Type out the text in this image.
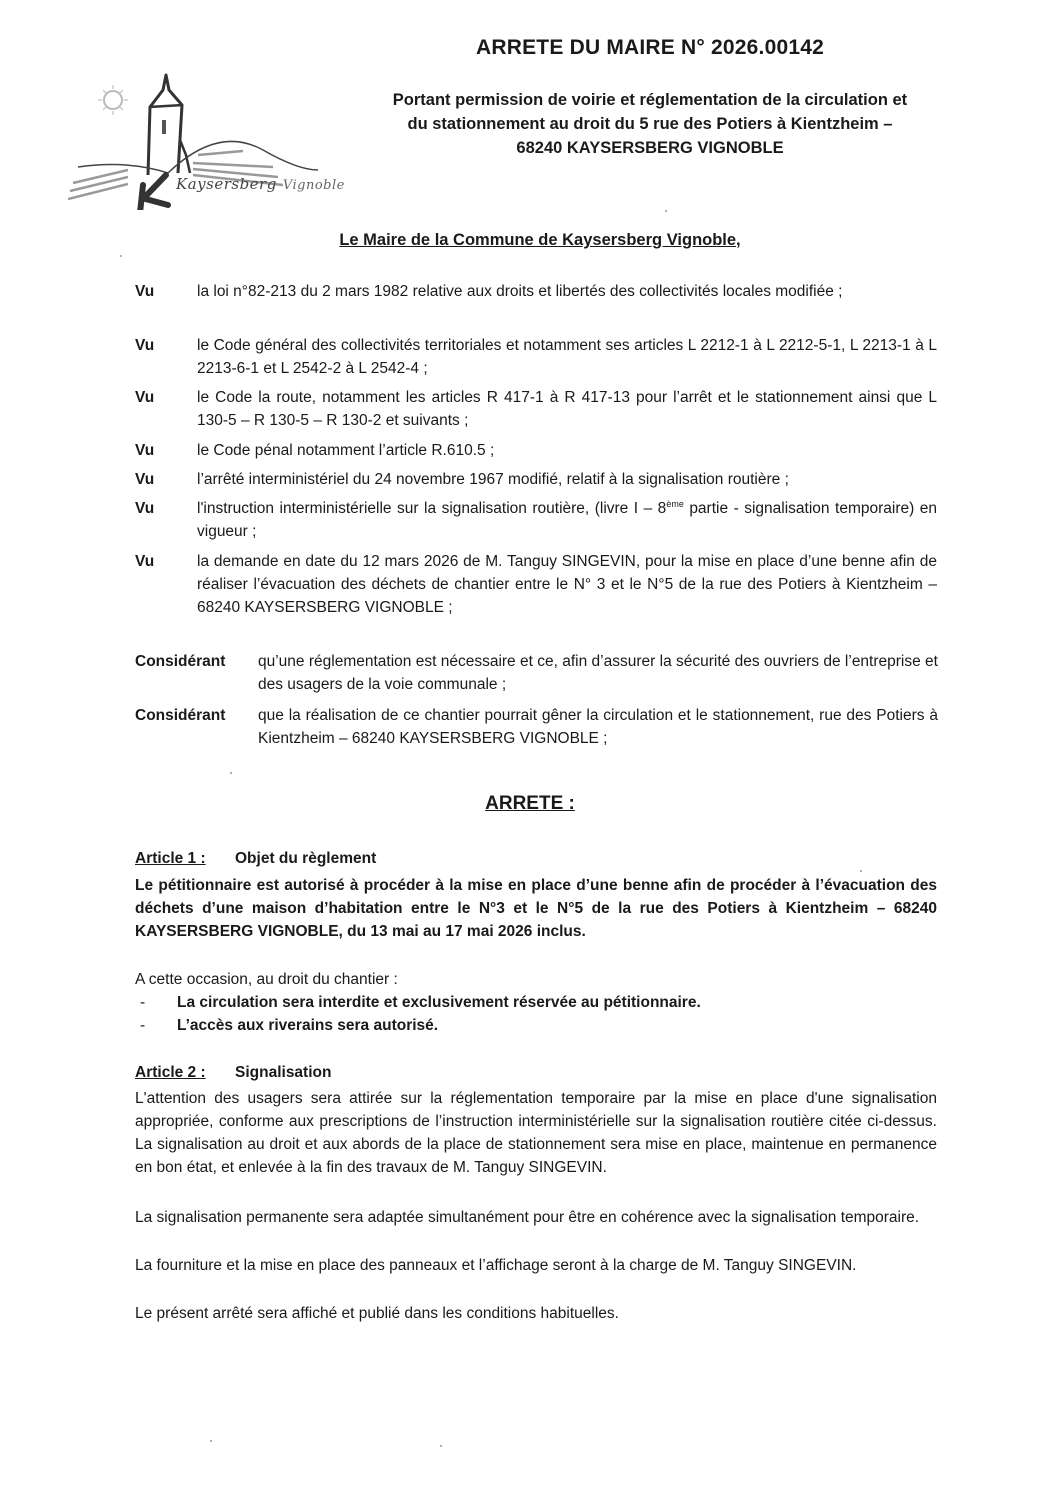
Kaysersberg Vignoble
ARRETE DU MAIRE N° 2026.00142
Portant permission de voirie et réglementation de la circulation et
du stationnement au droit du 5 rue des Potiers à Kientzheim –
68240 KAYSERSBERG VIGNOBLE
Le Maire de la Commune de Kaysersberg Vignoble,
Vu	la loi n°82-213 du 2 mars 1982 relative aux droits et libertés des collectivités locales modifiée ;
Vu	le Code général des collectivités territoriales et notamment ses articles L 2212-1 à L 2212-5-1, L 2213-1 à L 2213-6-1 et L 2542-2 à L 2542-4 ;
Vu	le Code la route, notamment les articles R 417-1 à R 417-13 pour l’arrêt et le stationnement ainsi que L 130-5 – R 130-5 – R 130-2 et suivants ;
Vu	le Code pénal notamment l’article R.610.5 ;
Vu	l’arrêté interministériel du 24 novembre 1967 modifié, relatif à la signalisation routière ;
Vu	l'instruction interministérielle sur la signalisation routière, (livre I – 8ème partie - signalisation temporaire) en vigueur ;
Vu	la demande en date du 12 mars 2026 de M. Tanguy SINGEVIN, pour la mise en place d’une benne afin de réaliser l’évacuation des déchets de chantier entre le N° 3 et le N°5 de la rue des Potiers à Kientzheim – 68240 KAYSERSBERG VIGNOBLE ;
Considérant qu’une réglementation est nécessaire et ce, afin d’assurer la sécurité des ouvriers de l’entreprise et des usagers de la voie communale ;
Considérant que la réalisation de ce chantier pourrait gêner la circulation et le stationnement, rue des Potiers à Kientzheim – 68240 KAYSERSBERG VIGNOBLE ;
ARRETE :
Article 1 : Objet du règlement
Le pétitionnaire est autorisé à procéder à la mise en place d’une benne afin de procéder à l’évacuation des déchets d’une maison d’habitation entre le N°3 et le N°5 de la rue des Potiers à Kientzheim – 68240 KAYSERSBERG VIGNOBLE, du 13 mai au 17 mai 2026 inclus.
A cette occasion, au droit du chantier :
- La circulation sera interdite et exclusivement réservée au pétitionnaire.
- L’accès aux riverains sera autorisé.
Article 2 : Signalisation
L'attention des usagers sera attirée sur la réglementation temporaire par la mise en place d'une signalisation appropriée, conforme aux prescriptions de l’instruction interministérielle sur la signalisation routière citée ci-dessus. La signalisation au droit et aux abords de la place de stationnement sera mise en place, maintenue en permanence en bon état, et enlevée à la fin des travaux de M. Tanguy SINGEVIN.
La signalisation permanente sera adaptée simultanément pour être en cohérence avec la signalisation temporaire.
La fourniture et la mise en place des panneaux et l’affichage seront à la charge de M. Tanguy SINGEVIN.
Le présent arrêté sera affiché et publié dans les conditions habituelles.
